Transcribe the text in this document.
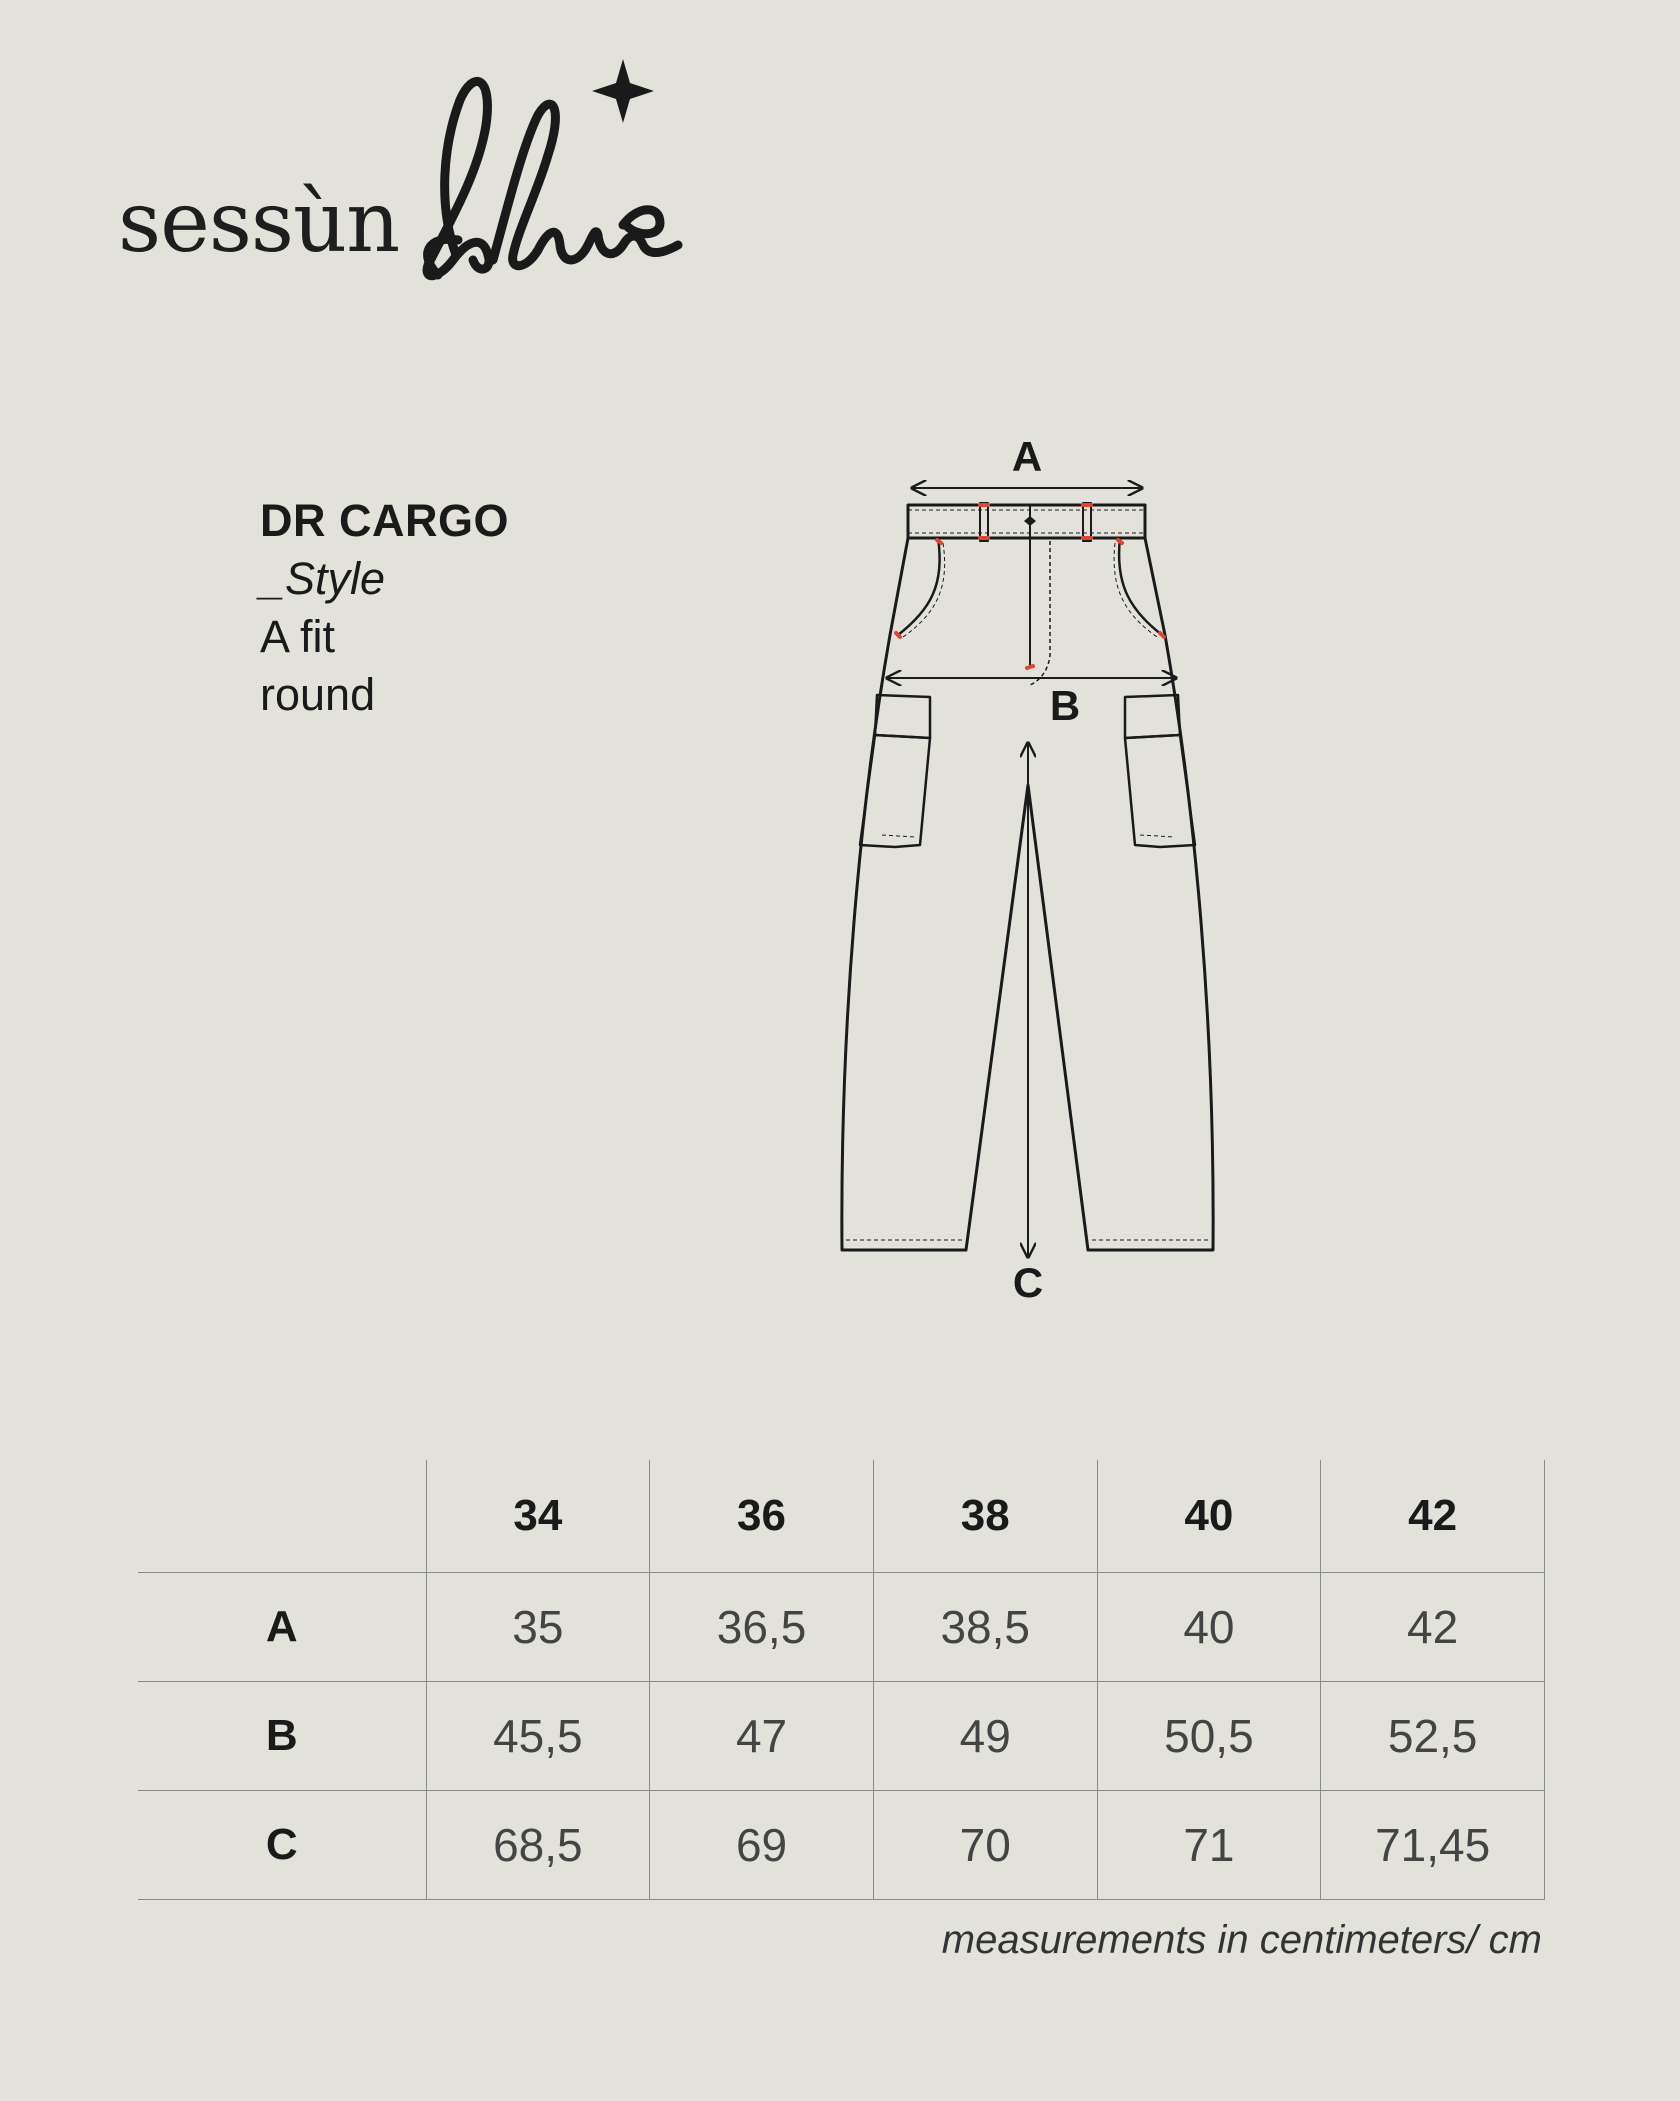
sessùn
DR CARGO
_Style
A fit
round
A
B
C
	34	36	38	40	42
A	35	36,5	38,5	40	42
B	45,5	47	49	50,5	52,5
C	68,5	69	70	71	71,45
measurements in centimeters/ cm
